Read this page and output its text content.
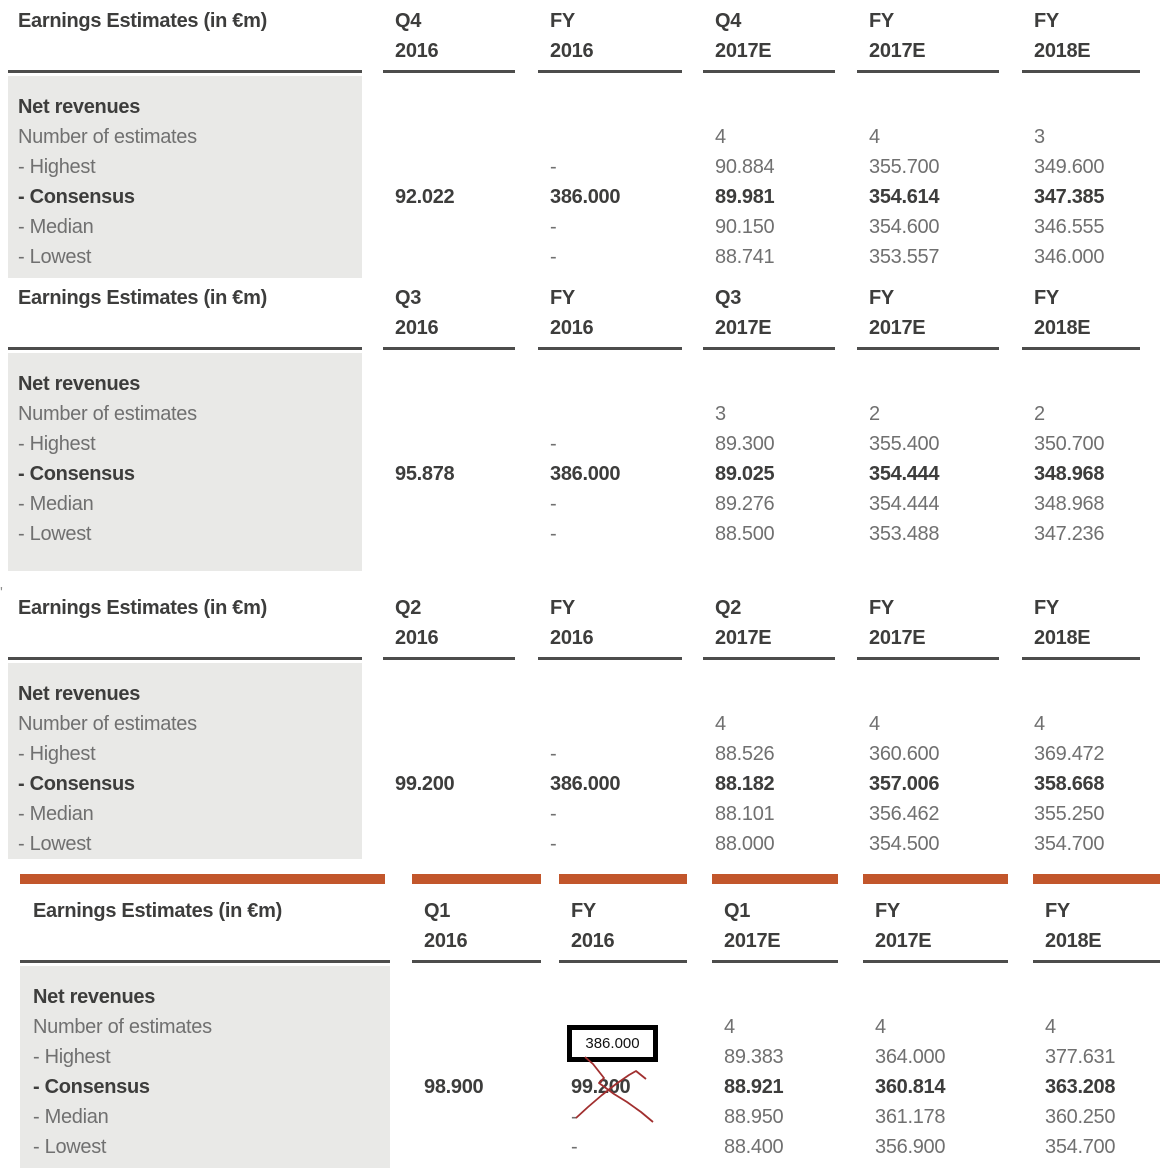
Earnings Estimates (in €m)
Net revenues
Number of estimates
- Highest
- Consensus
- Median
- Lowest
Q4
2016
92.022
FY
2016
-
386.000
-
-
Q4
2017E
4
90.884
89.981
90.150
88.741
FY
2017E
4
355.700
354.614
354.600
353.557
FY
2018E
3
349.600
347.385
346.555
346.000
Earnings Estimates (in €m)
Net revenues
Number of estimates
- Highest
- Consensus
- Median
- Lowest
Q3
2016
95.878
FY
2016
-
386.000
-
-
Q3
2017E
3
89.300
89.025
89.276
88.500
FY
2017E
2
355.400
354.444
354.444
353.488
FY
2018E
2
350.700
348.968
348.968
347.236
Earnings Estimates (in €m)
Net revenues
Number of estimates
- Highest
- Consensus
- Median
- Lowest
Q2
2016
99.200
FY
2016
-
386.000
-
-
Q2
2017E
4
88.526
88.182
88.101
88.000
FY
2017E
4
360.600
357.006
356.462
354.500
FY
2018E
4
369.472
358.668
355.250
354.700
Earnings Estimates (in €m)
Net revenues
Number of estimates
- Highest
- Consensus
- Median
- Lowest
Q1
2016
98.900
FY
2016
99.200
-
-
Q1
2017E
4
89.383
88.921
88.950
88.400
FY
2017E
4
364.000
360.814
361.178
356.900
FY
2018E
4
377.631
363.208
360.250
354.700
386.000
'
